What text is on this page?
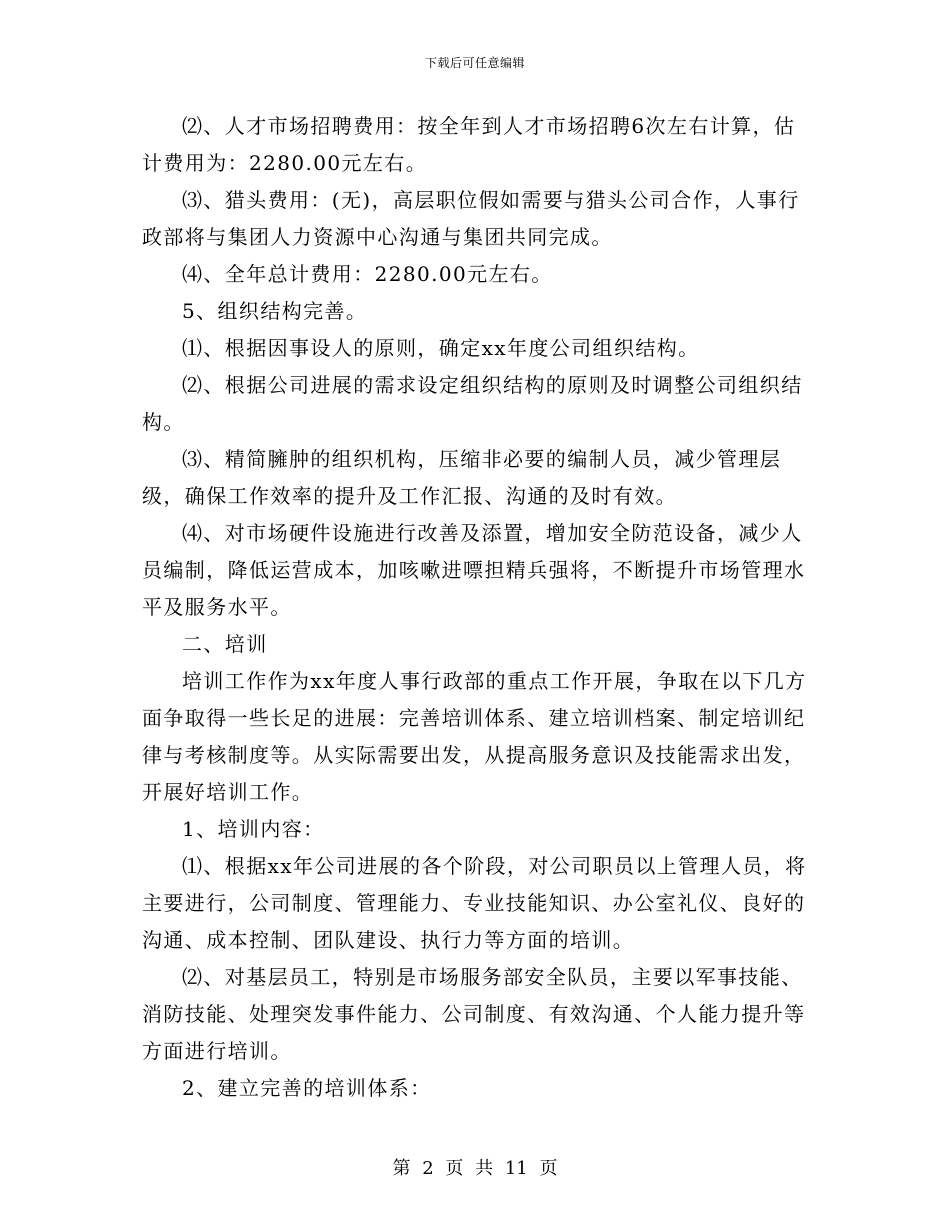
下载后可任意编辑

⑵、人才市场招聘费用：按全年到人才市场招聘6次左右计算，估计费用为：2280.00元左右。

⑶、猎头费用：(无)，高层职位假如需要与猎头公司合作，人事行政部将与集团人力资源中心沟通与集团共同完成。

⑷、全年总计费用：2280.00元左右。

5、组织结构完善。

⑴、根据因事设人的原则，确定xx年度公司组织结构。

⑵、根据公司进展的需求设定组织结构的原则及时调整公司组织结构。

⑶、精简臃肿的组织机构，压缩非必要的编制人员，减少管理层级，确保工作效率的提升及工作汇报、沟通的及时有效。

⑷、对市场硬件设施进行改善及添置，增加安全防范设备，减少人员编制，降低运营成本，加咳嗽进嘌担精兵强将，不断提升市场管理水平及服务水平。

二、培训

培训工作作为xx年度人事行政部的重点工作开展，争取在以下几方面争取得一些长足的进展：完善培训体系、建立培训档案、制定培训纪律与考核制度等。从实际需要出发，从提高服务意识及技能需求出发，开展好培训工作。

1、培训内容：

⑴、根据xx年公司进展的各个阶段，对公司职员以上管理人员，将主要进行，公司制度、管理能力、专业技能知识、办公室礼仪、良好的沟通、成本控制、团队建设、执行力等方面的培训。

⑵、对基层员工，特别是市场服务部安全队员，主要以军事技能、消防技能、处理突发事件能力、公司制度、有效沟通、个人能力提升等方面进行培训。

2、建立完善的培训体系：

第 2 页 共 11 页
